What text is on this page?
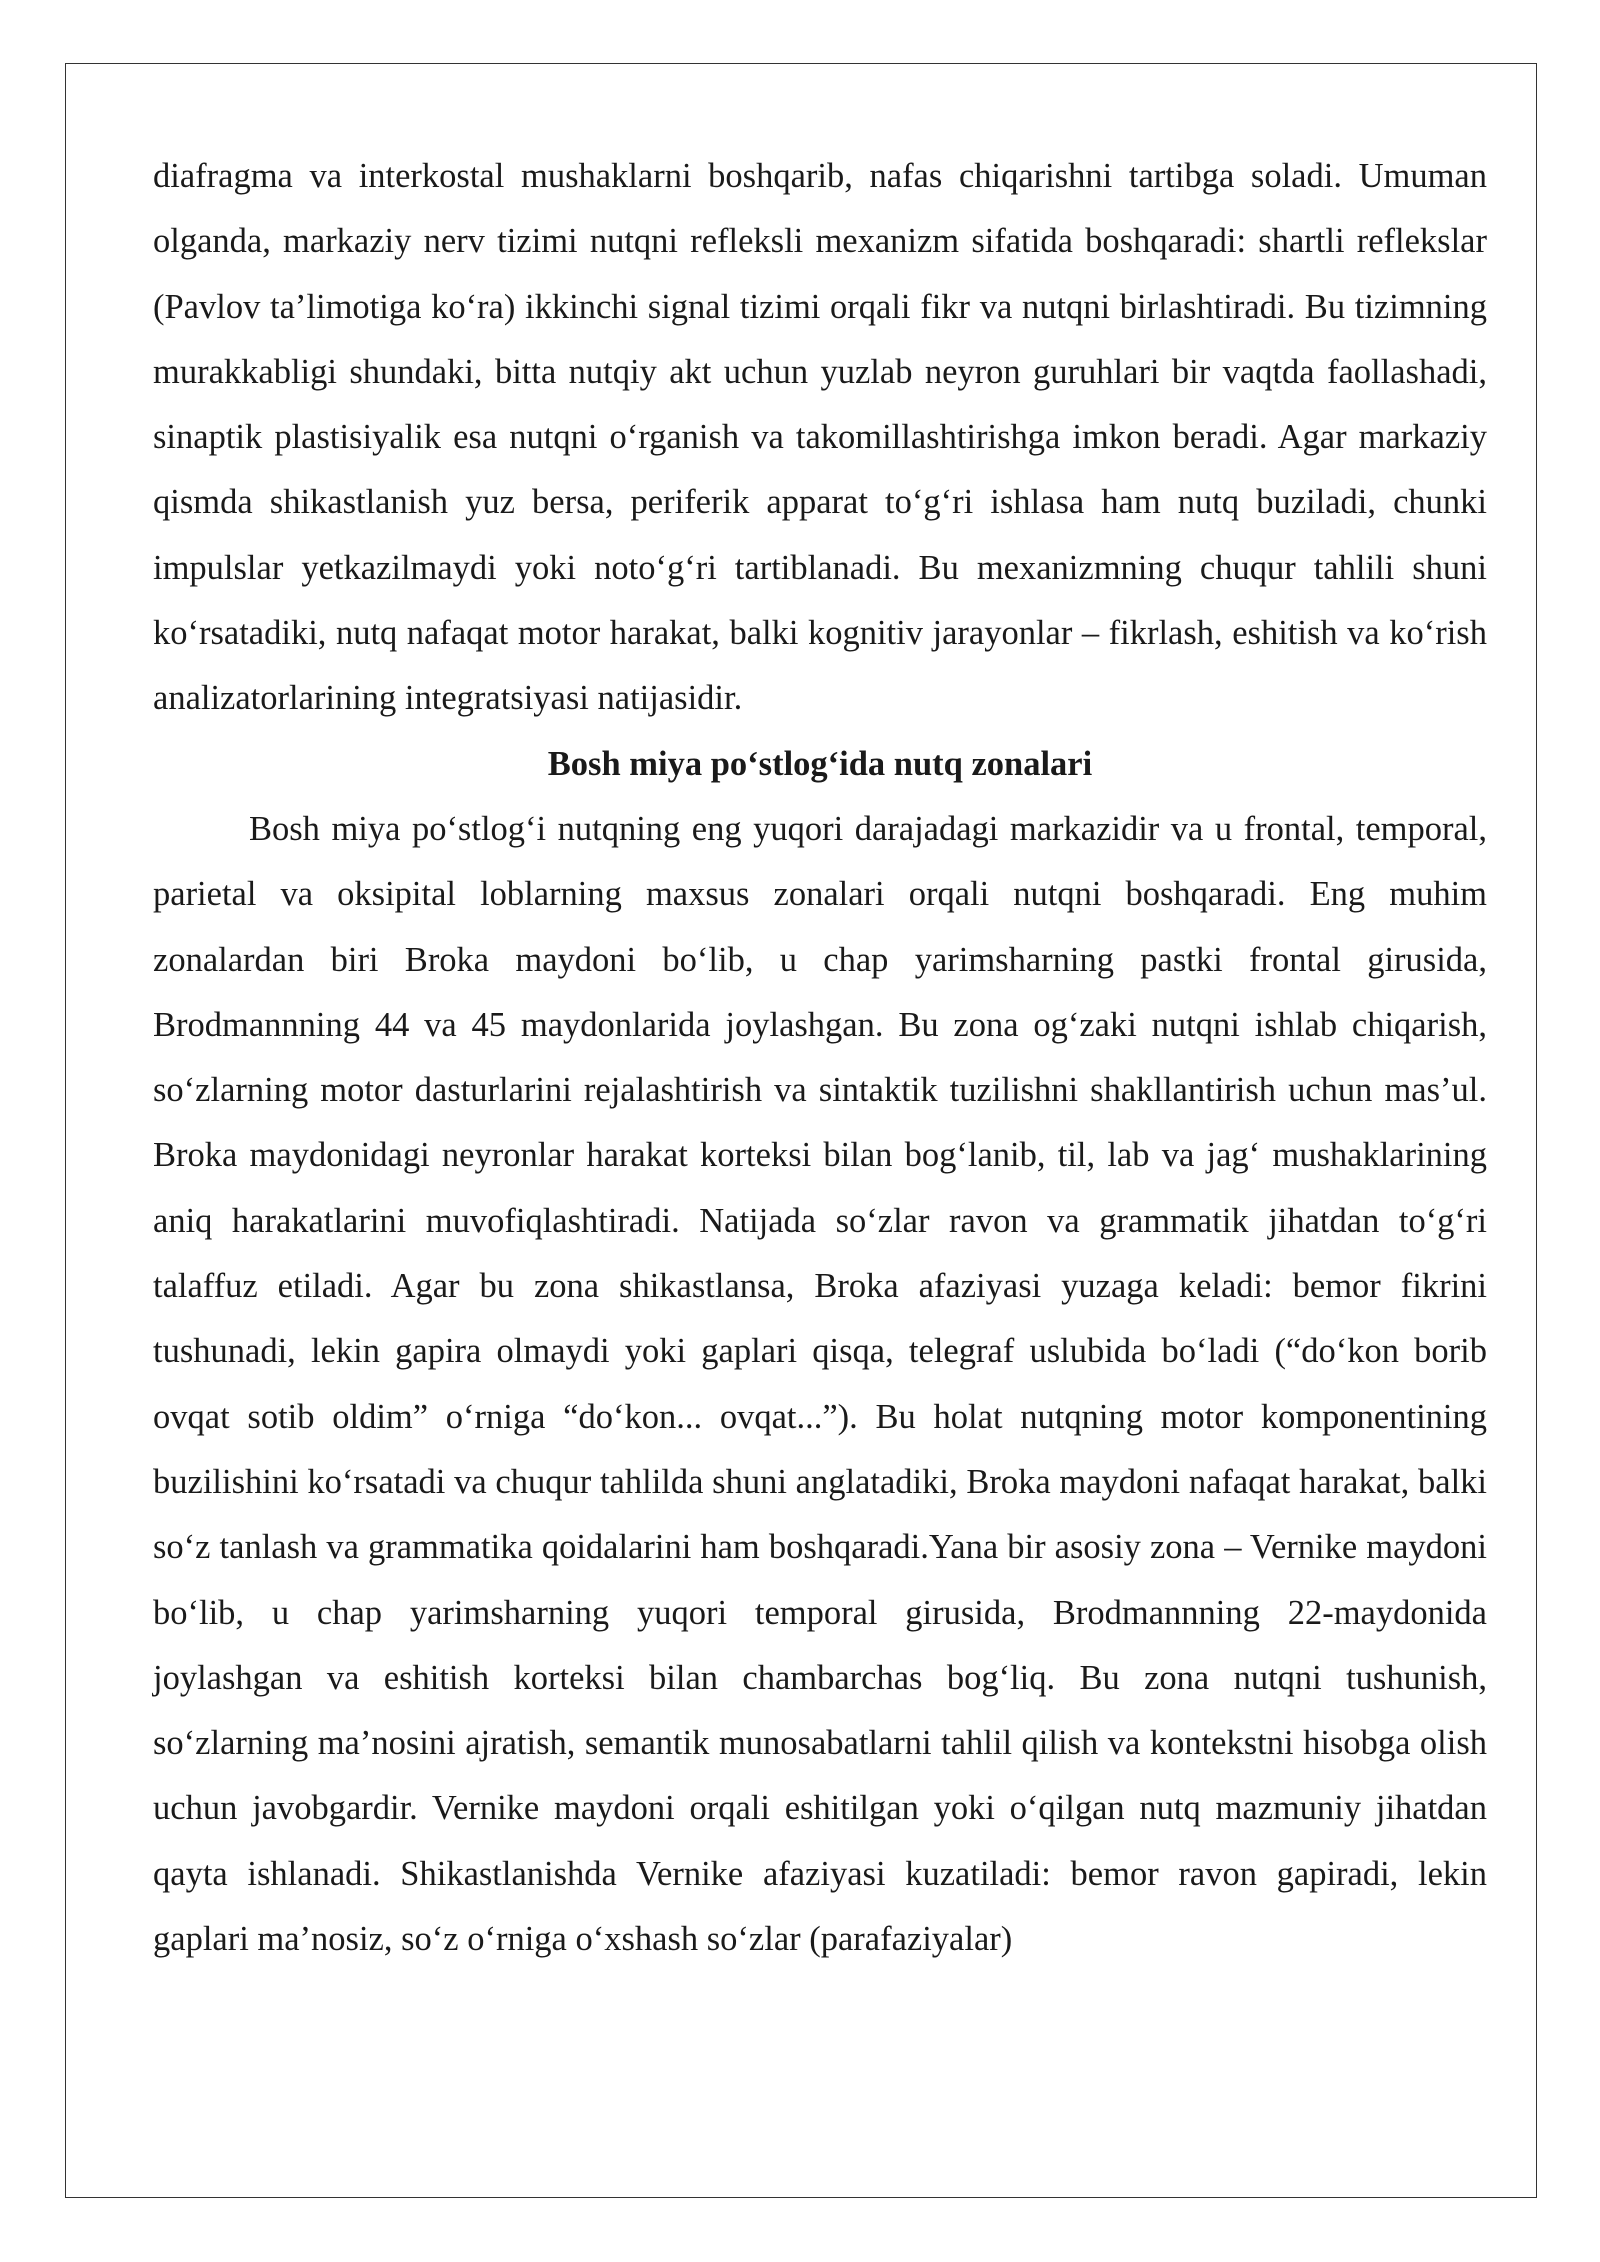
diafragma va interkostal mushaklarni boshqarib, nafas chiqarishni tartibga soladi. Umuman olganda, markaziy nerv tizimi nutqni refleksli mexanizm sifatida boshqaradi: shartli reflekslar (Pavlov ta’limotiga ko‘ra) ikkinchi signal tizimi orqali fikr va nutqni birlashtiradi. Bu tizimning murakkabligi shundaki, bitta nutqiy akt uchun yuzlab neyron guruhlari bir vaqtda faollashadi, sinaptik plastisiyalik esa nutqni o‘rganish va takomillashtirishga imkon beradi. Agar markaziy qismda shikastlanish yuz bersa, periferik apparat to‘g‘ri ishlasa ham nutq buziladi, chunki impulslar yetkazilmaydi yoki noto‘g‘ri tartiblanadi. Bu mexanizmning chuqur tahlili shuni ko‘rsatadiki, nutq nafaqat motor harakat, balki kognitiv jarayonlar – fikrlash, eshitish va ko‘rish analizatorlarining integratsiyasi natijasidir.

Bosh miya po‘stlog‘ida nutq zonalari

Bosh miya po‘stlog‘i nutqning eng yuqori darajadagi markazidir va u frontal, temporal, parietal va oksipital loblarning maxsus zonalari orqali nutqni boshqaradi. Eng muhim zonalardan biri Broka maydoni bo‘lib, u chap yarimsharning pastki frontal girusida, Brodmannning 44 va 45 maydonlarida joylashgan. Bu zona og‘zaki nutqni ishlab chiqarish, so‘zlarning motor dasturlarini rejalashtirish va sintaktik tuzilishni shakllantirish uchun mas’ul. Broka maydonidagi neyronlar harakat korteksi bilan bog‘lanib, til, lab va jag‘ mushaklarining aniq harakatlarini muvofiqlashtiradi. Natijada so‘zlar ravon va grammatik jihatdan to‘g‘ri talaffuz etiladi. Agar bu zona shikastlansa, Broka afaziyasi yuzaga keladi: bemor fikrini tushunadi, lekin gapira olmaydi yoki gaplari qisqa, telegraf uslubida bo‘ladi (“do‘kon borib ovqat sotib oldim” o‘rniga “do‘kon... ovqat...”). Bu holat nutqning motor komponentining buzilishini ko‘rsatadi va chuqur tahlilda shuni anglatadiki, Broka maydoni nafaqat harakat, balki so‘z tanlash va grammatika qoidalarini ham boshqaradi.Yana bir asosiy zona – Vernike maydoni bo‘lib, u chap yarimsharning yuqori temporal girusida, Brodmannning 22-maydonida joylashgan va eshitish korteksi bilan chambarchas bog‘liq. Bu zona nutqni tushunish, so‘zlarning ma’nosini ajratish, semantik munosabatlarni tahlil qilish va kontekstni hisobga olish uchun javobgardir. Vernike maydoni orqali eshitilgan yoki o‘qilgan nutq mazmuniy jihatdan qayta ishlanadi. Shikastlanishda Vernike afaziyasi kuzatiladi: bemor ravon gapiradi, lekin gaplari ma’nosiz, so‘z o‘rniga o‘xshash so‘zlar (parafaziyalar)
